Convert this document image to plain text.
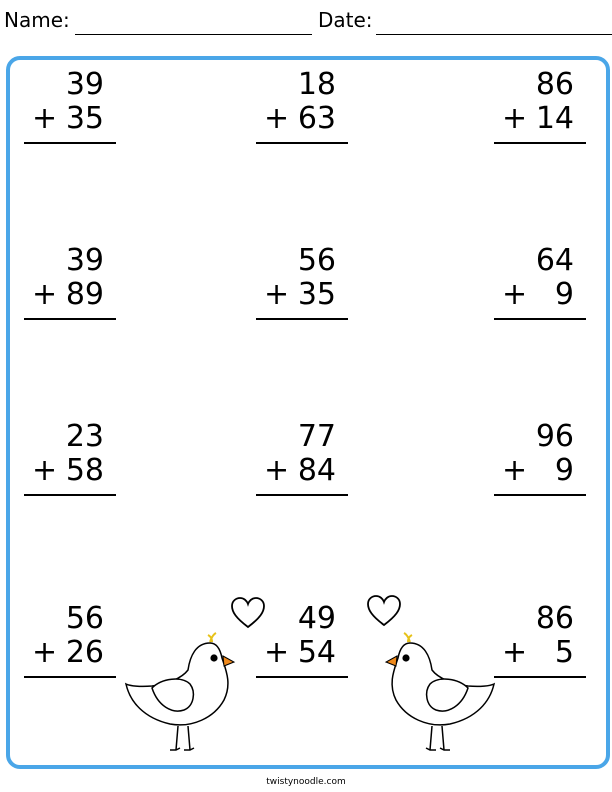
Name:	Date:
39
+ 35
18
+ 63
86
+ 14
39
+ 89
56
+ 35
64
+ 9
23
+ 58
77
+ 84
96
+ 9
56
+ 26
49
+ 54
86
+ 5
twistynoodle.com
